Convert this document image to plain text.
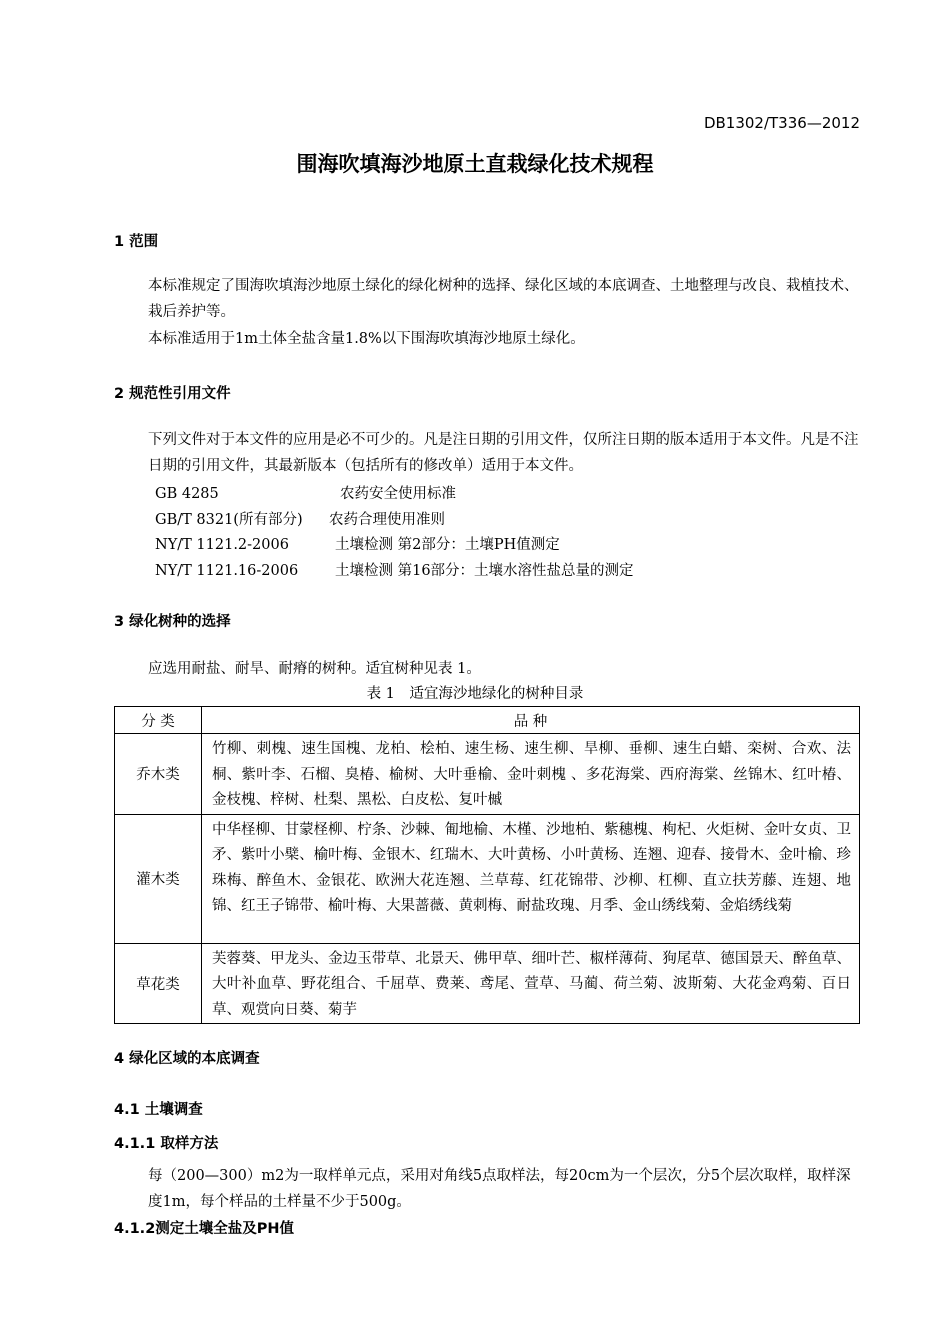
DB1302/T336—2012
围海吹填海沙地原土直栽绿化技术规程
1 范围
本标准规定了围海吹填海沙地原土绿化的绿化树种的选择、绿化区域的本底调查、土地整理与改良、栽植技术、栽后养护等。
本标准适用于1m土体全盐含量1.8%以下围海吹填海沙地原土绿化。
2 规范性引用文件
下列文件对于本文件的应用是必不可少的。凡是注日期的引用文件，仅所注日期的版本适用于本文件。凡是不注日期的引用文件，其最新版本（包括所有的修改单）适用于本文件。
GB 4285	农药安全使用标准
GB/T 8321(所有部分) 农药合理使用准则
NY/T 1121.2-2006	土壤检测 第2部分：土壤PH值测定
NY/T 1121.16-2006	土壤检测 第16部分：土壤水溶性盐总量的测定
3 绿化树种的选择
应选用耐盐、耐旱、耐瘠的树种。适宜树种见表 1。
表 1　适宜海沙地绿化的树种目录
分 类	品 种
乔木类	竹柳、刺槐、速生国槐、龙柏、桧柏、速生杨、速生柳、旱柳、垂柳、速生白蜡、栾树、合欢、法桐、紫叶李、石榴、臭椿、榆树、大叶垂榆、金叶刺槐 、多花海棠、西府海棠、丝锦木、红叶椿、金枝槐、梓树、杜梨、黑松、白皮松、复叶槭
灌木类	中华柽柳、甘蒙柽柳、柠条、沙棘、匍地榆、木槿、沙地柏、紫穗槐、枸杞、火炬树、金叶女贞、卫矛、紫叶小檗、榆叶梅、金银木、红瑞木、大叶黄杨、小叶黄杨、连翘、迎春、接骨木、金叶榆、珍珠梅、醉鱼木、金银花、欧洲大花连翘、兰草莓、红花锦带、沙柳、杠柳、直立扶芳藤、连翅、地锦、红王子锦带、榆叶梅、大果蔷薇、黄刺梅、耐盐玫瑰、月季、金山绣线菊、金焰绣线菊
草花类	芙蓉葵、甲龙头、金边玉带草、北景天、佛甲草、细叶芒、椒样薄荷、狗尾草、德国景天、醉鱼草、大叶补血草、野花组合、千屈草、费莱、鸢尾、萱草、马蔺、荷兰菊、波斯菊、大花金鸡菊、百日草、观赏向日葵、菊芋
4 绿化区域的本底调查
4.1 土壤调查
4.1.1 取样方法
每（200—300）m2为一取样单元点，采用对角线5点取样法，每20cm为一个层次，分5个层次取样，取样深度1m，每个样品的土样量不少于500g。
4.1.2测定土壤全盐及PH值
